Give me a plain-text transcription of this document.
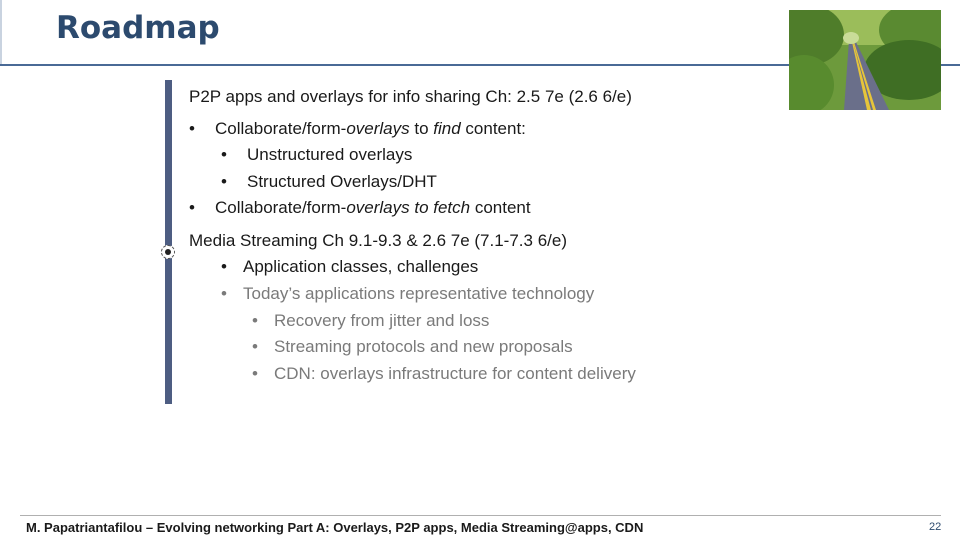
Roadmap
P2P apps and overlays for info sharing Ch: 2.5 7e (2.6 6/e)
• Collaborate/form-overlays to find content:
• Unstructured overlays
• Structured Overlays/DHT
• Collaborate/form-overlays to fetch content
Media Streaming Ch 9.1-9.3 & 2.6 7e (7.1-7.3 6/e)
• Application classes, challenges
• Today’s applications representative technology
• Recovery from jitter and loss
• Streaming protocols and new proposals
• CDN: overlays infrastructure for content delivery
M. Papatriantafilou – Evolving networking Part A: Overlays, P2P apps, Media Streaming@apps, CDN	22
